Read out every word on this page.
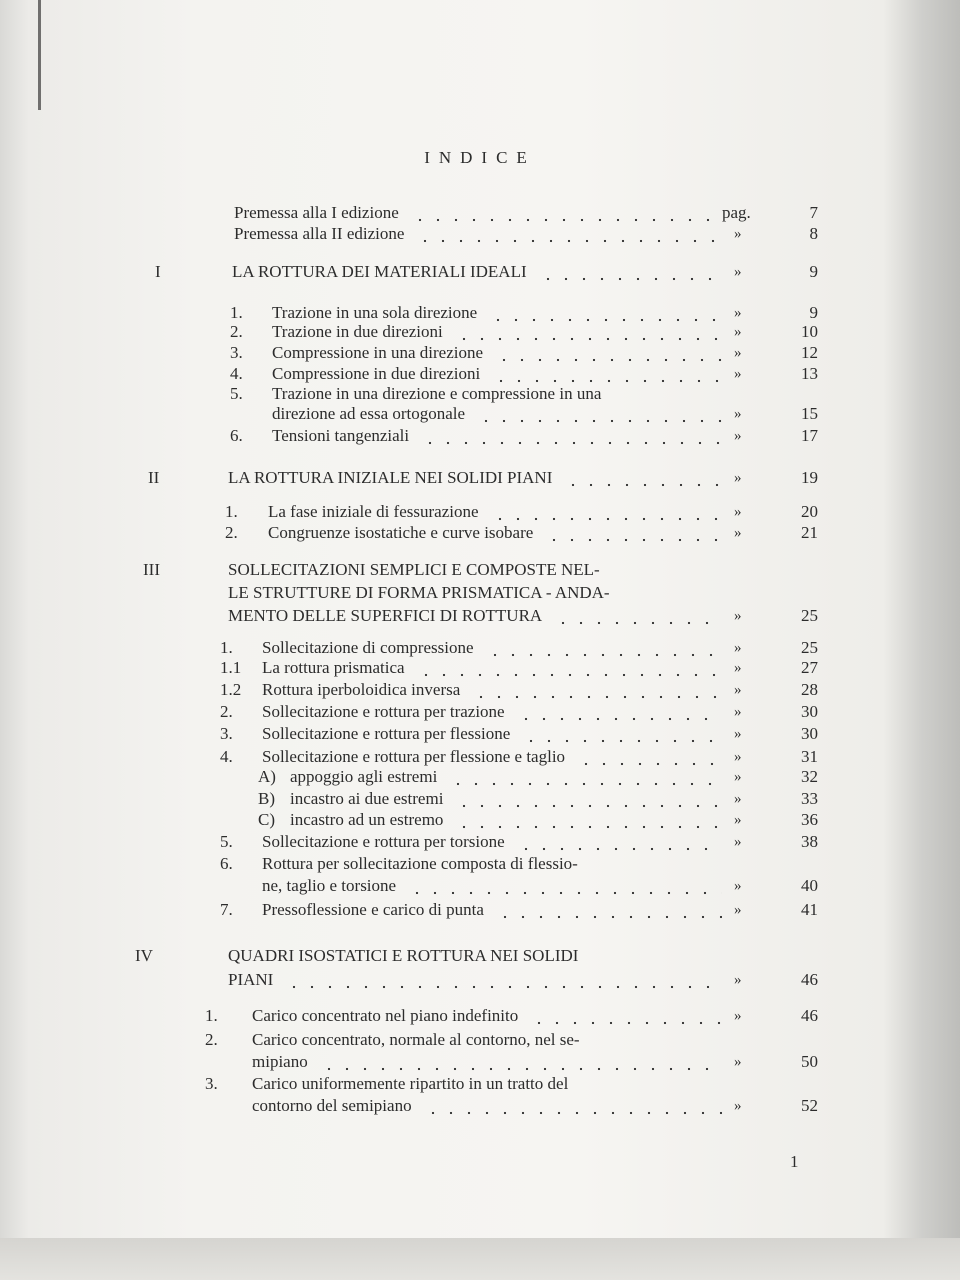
INDICE
Premessa alla I edizione	pag.	7
Premessa alla II edizione	»	8
I	LA ROTTURA DEI MATERIALI IDEALI	»	9
1. Trazione in una sola direzione	»	9
2. Trazione in due direzioni	»	10
3. Compressione in una direzione	»	12
4. Compressione in due direzioni	»	13
5. Trazione in una direzione e compressione in una
direzione ad essa ortogonale	»	15
6. Tensioni tangenziali	»	17
II	LA ROTTURA INIZIALE NEI SOLIDI PIANI	»	19
1. La fase iniziale di fessurazione	»	20
2. Congruenze isostatiche e curve isobare	»	21
III	SOLLECITAZIONI SEMPLICI E COMPOSTE NEL-
LE STRUTTURE DI FORMA PRISMATICA - ANDA-
MENTO DELLE SUPERFICI DI ROTTURA	»	25
1. Sollecitazione di compressione	»	25
1.1 La rottura prismatica	»	27
1.2 Rottura iperboloidica inversa	»	28
2. Sollecitazione e rottura per trazione	»	30
3. Sollecitazione e rottura per flessione	»	30
4. Sollecitazione e rottura per flessione e taglio	»	31
A) appoggio agli estremi	»	32
B) incastro ai due estremi	»	33
C) incastro ad un estremo	»	36
5. Sollecitazione e rottura per torsione	»	38
6. Rottura per sollecitazione composta di flessio-
ne, taglio e torsione	»	40
7. Pressoflessione e carico di punta	»	41
IV	QUADRI ISOSTATICI E ROTTURA NEI SOLIDI
PIANI	»	46
1. Carico concentrato nel piano indefinito	»	46
2. Carico concentrato, normale al contorno, nel se-
mipiano	»	50
3. Carico uniformemente ripartito in un tratto del
contorno del semipiano	»	52
1
